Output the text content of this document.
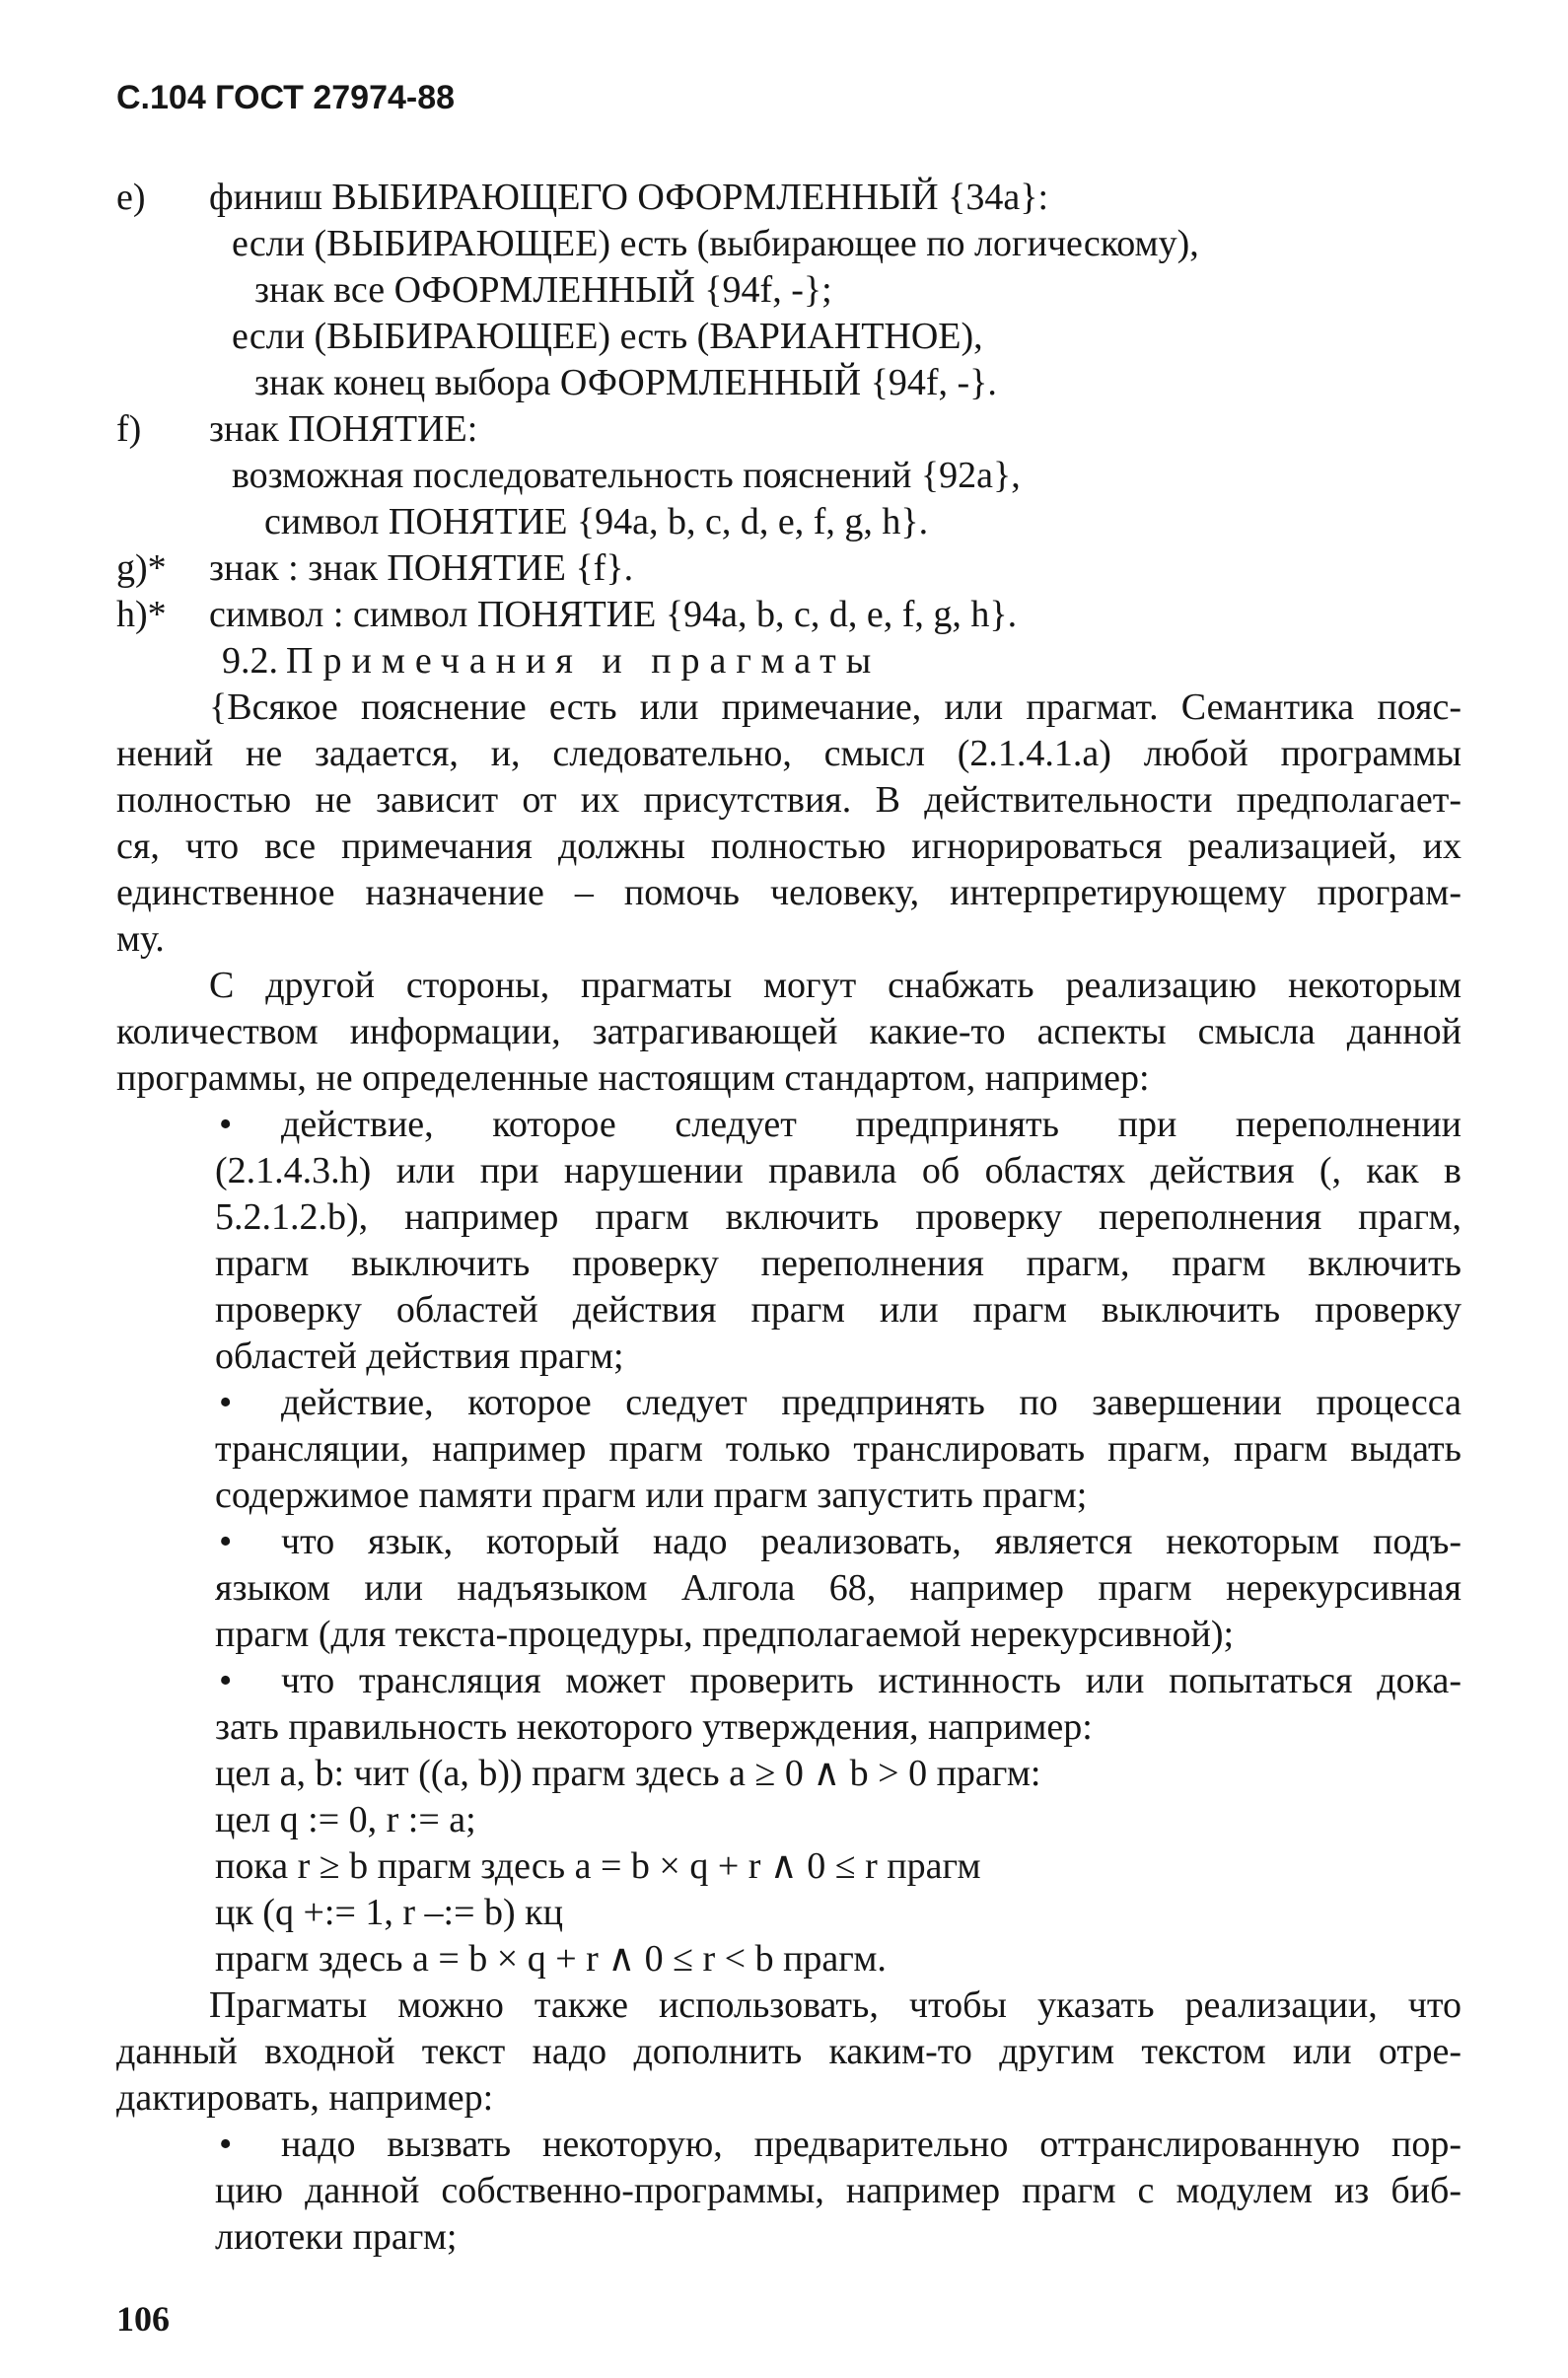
С.104 ГОСТ 27974-88
e) финиш ВЫБИРАЮЩЕГО ОФОРМЛЕННЫЙ {34a}:
если (ВЫБИРАЮЩЕЕ) есть (выбирающее по логическому),
знак все ОФОРМЛЕННЫЙ {94f, -};
если (ВЫБИРАЮЩЕЕ) есть (ВАРИАНТНОЕ),
знак конец выбора ОФОРМЛЕННЫЙ {94f, -}.
f) знак ПОНЯТИЕ:
возможная последовательность пояснений {92a},
символ ПОНЯТИЕ {94a, b, c, d, e, f, g, h}.
g)* знак : знак ПОНЯТИЕ {f}.
h)* символ : символ ПОНЯТИЕ {94a, b, c, d, e, f, g, h}.
9.2. Примечания и прагматы
{Всякое пояснение есть или примечание, или прагмат. Семантика пояс-
нений не задается, и, следовательно, смысл (2.1.4.1.a) любой программы
полностью не зависит от их присутствия. В действительности предполагает-
ся, что все примечания должны полностью игнорироваться реализацией, их
единственное назначение – помочь человеку, интерпретирующему програм-
му.
С другой стороны, прагматы могут снабжать реализацию некоторым
количеством информации, затрагивающей какие-то аспекты смысла данной
программы, не определенные настоящим стандартом, например:
• действие, которое следует предпринять при переполнении
(2.1.4.3.h) или при нарушении правила об областях действия (, как в
5.2.1.2.b), например прагм включить проверку переполнения прагм,
прагм выключить проверку переполнения прагм, прагм включить
проверку областей действия прагм или прагм выключить проверку
областей действия прагм;
• действие, которое следует предпринять по завершении процесса
трансляции, например прагм только транслировать прагм, прагм выдать
содержимое памяти прагм или прагм запустить прагм;
• что язык, который надо реализовать, является некоторым подъ-
языком или надъязыком Алгола 68, например прагм нерекурсивная
прагм (для текста-процедуры, предполагаемой нерекурсивной);
• что трансляция может проверить истинность или попытаться дока-
зать правильность некоторого утверждения, например:
цел a, b: чит ((a, b)) прагм здесь a ≥ 0 ∧ b > 0 прагм:
цел q := 0, r := a;
пока r ≥ b прагм здесь a = b × q + r ∧ 0 ≤ r прагм
цк (q +:= 1, r –:= b) кц
прагм здесь a = b × q + r ∧ 0 ≤ r < b прагм.
Прагматы можно также использовать, чтобы указать реализации, что
данный входной текст надо дополнить каким-то другим текстом или отре-
дактировать, например:
• надо вызвать некоторую, предварительно оттранслированную пор-
цию данной собственно-программы, например прагм с модулем из биб-
лиотеки прагм;
106
